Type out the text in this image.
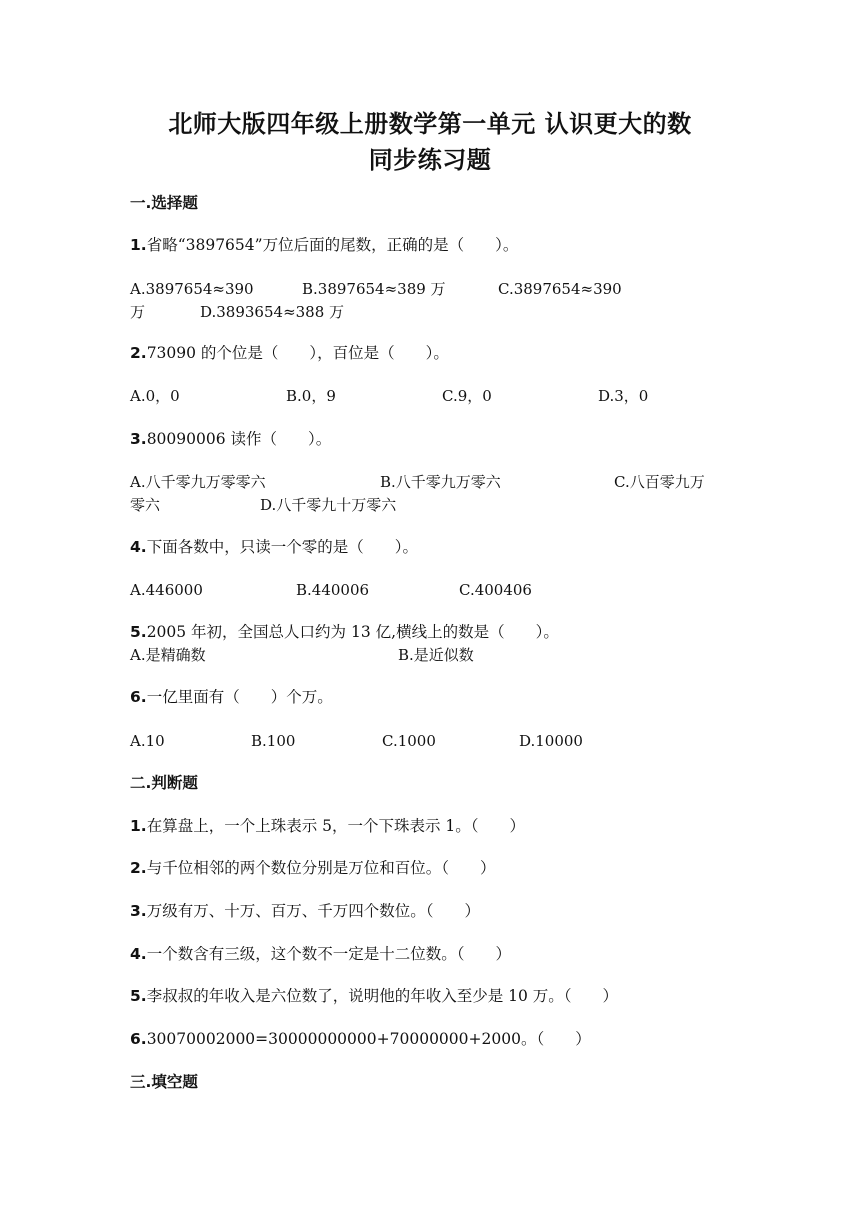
北师大版四年级上册数学第一单元 认识更大的数
同步练习题
一.选择题
1.省略“3897654”万位后面的尾数，正确的是（　　）。
A.3897654≈390	B.3897654≈389 万	C.3897654≈390
万	D.3893654≈388 万
2.73090 的个位是（　　），百位是（　　）。
A.0，0	B.0，9	C.9，0	D.3，0
3.80090006 读作（　　）。
A.八千零九万零零六	B.八千零九万零六	C.八百零九万
零六	D.八千零九十万零六
4.下面各数中，只读一个零的是（　　）。
A.446000	B.440006	C.400406
5.2005 年初，全国总人口约为 13 亿,横线上的数是（　　）。
A.是精确数	B.是近似数
6.一亿里面有（　　）个万。
A.10	B.100	C.1000	D.10000
二.判断题
1.在算盘上，一个上珠表示 5，一个下珠表示 1。（　　）
2.与千位相邻的两个数位分别是万位和百位。（　　）
3.万级有万、十万、百万、千万四个数位。（　　）
4.一个数含有三级，这个数不一定是十二位数。（　　）
5.李叔叔的年收入是六位数了，说明他的年收入至少是 10 万。（　　）
6.30070002000=30000000000+70000000+2000。（　　）
三.填空题
